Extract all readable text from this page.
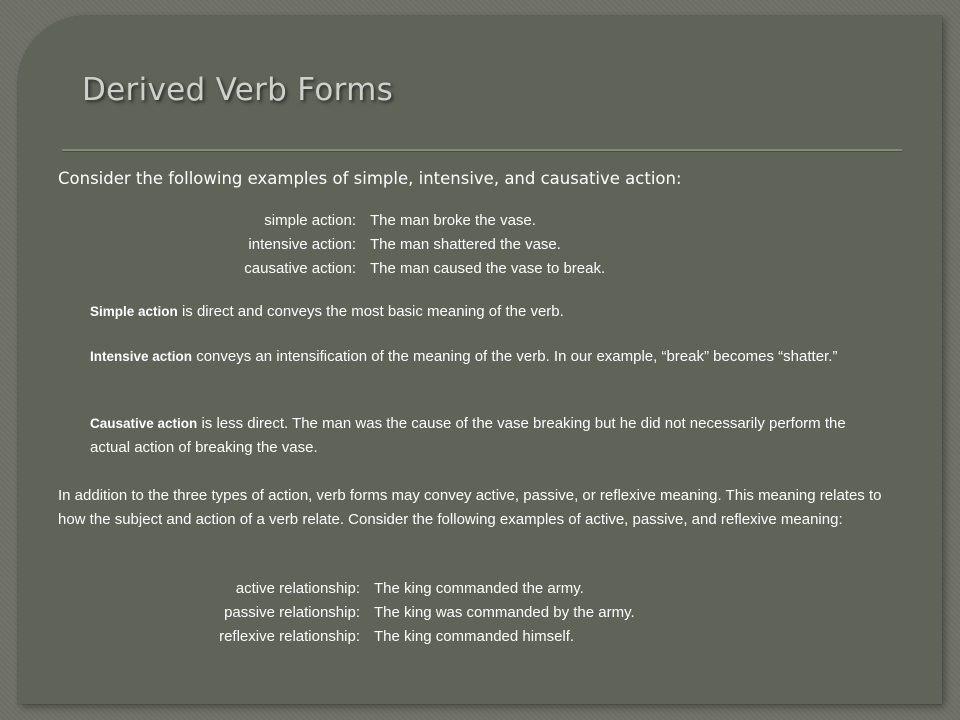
Derived Verb Forms
Consider the following examples of simple, intensive, and causative action:
simple action: The man broke the vase.
intensive action: The man shattered the vase.
causative action: The man caused the vase to break.
Simple action is direct and conveys the most basic meaning of the verb.
Intensive action conveys an intensification of the meaning of the verb. In our example, “break” becomes “shatter.”
Causative action is less direct. The man was the cause of the vase breaking but he did not necessarily perform the actual action of breaking the vase.
In addition to the three types of action, verb forms may convey active, passive, or reflexive meaning. This meaning relates to how the subject and action of a verb relate. Consider the following examples of active, passive, and reflexive meaning:
active relationship: The king commanded the army.
passive relationship: The king was commanded by the army.
reflexive relationship: The king commanded himself.
